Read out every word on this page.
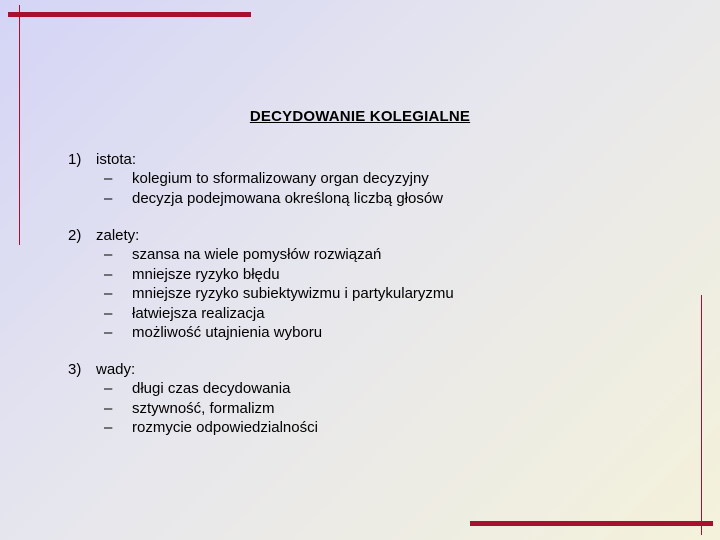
DECYDOWANIE KOLEGIALNE
1) istota:
– kolegium to sformalizowany organ decyzyjny
– decyzja podejmowana określoną liczbą głosów
2) zalety:
– szansa na wiele pomysłów rozwiązań
– mniejsze ryzyko błędu
– mniejsze ryzyko subiektywizmu i partykularyzmu
– łatwiejsza realizacja
– możliwość utajnienia wyboru
3) wady:
– długi czas decydowania
– sztywność, formalizm
– rozmycie odpowiedzialności
